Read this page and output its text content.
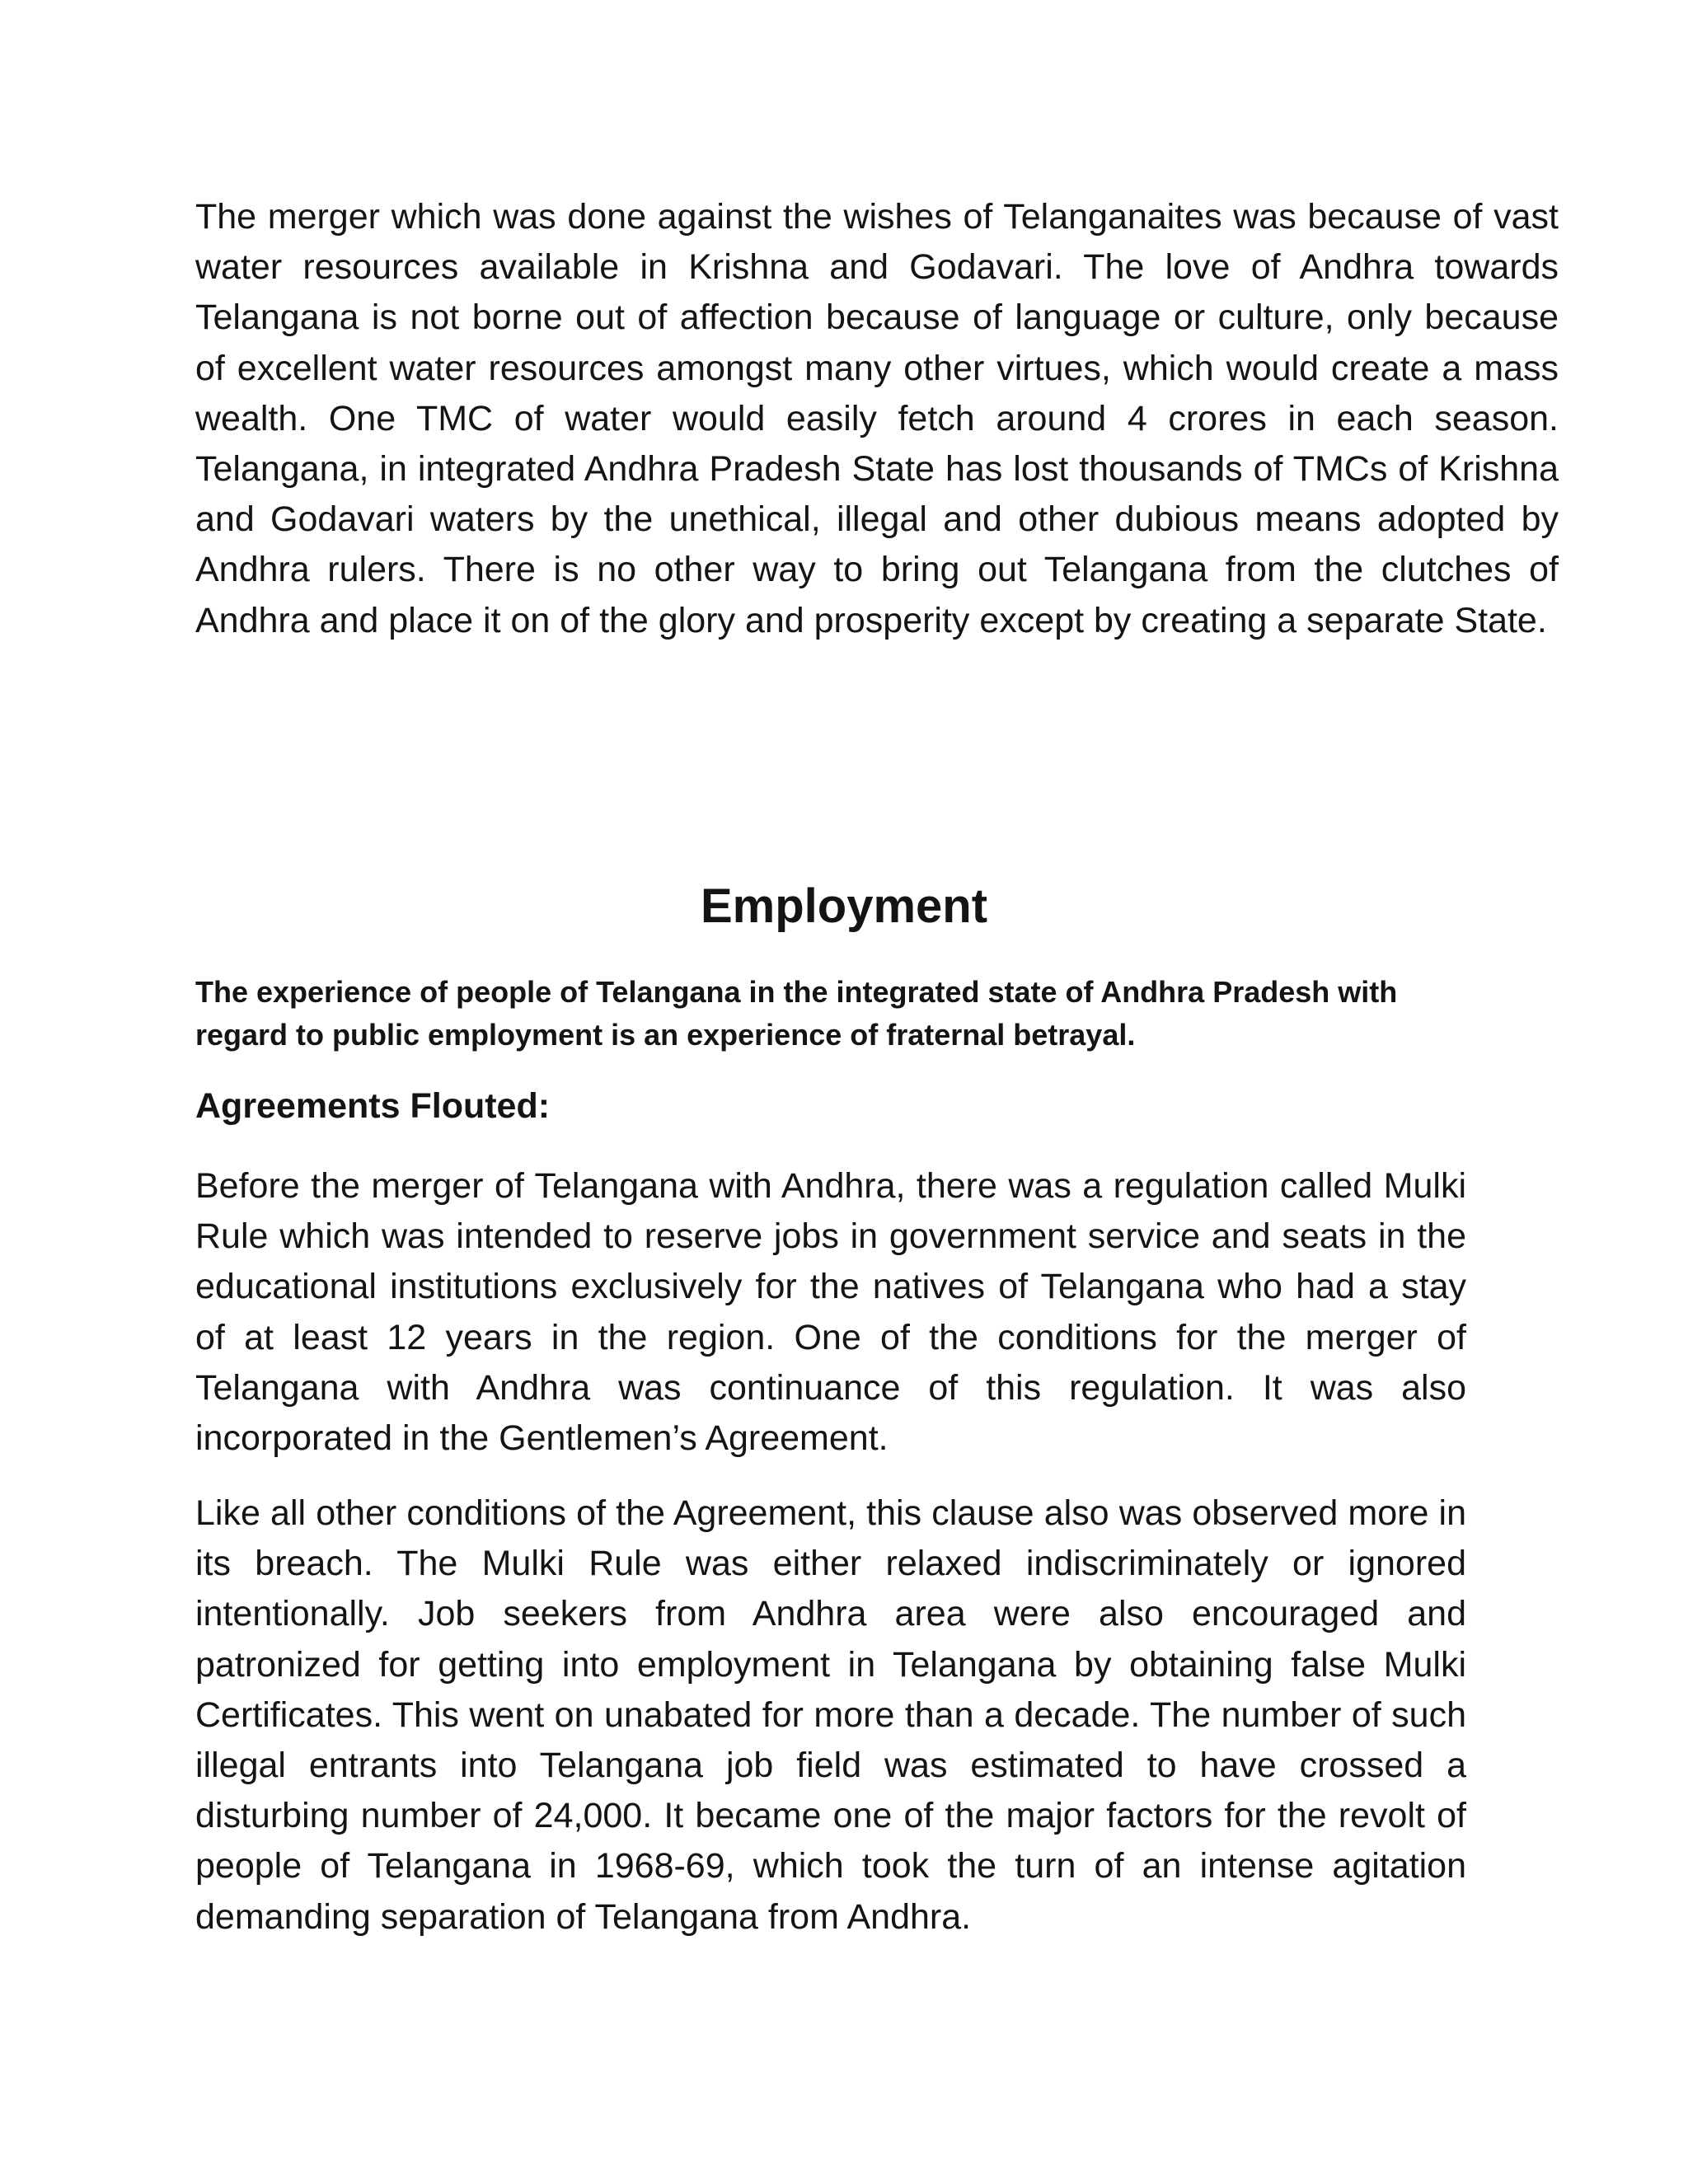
The merger which was done against the wishes of Telanganaites was because of vast water resources available in Krishna and Godavari. The love of Andhra towards Telangana is not borne out of affection because of language or culture, only because of excellent water resources amongst many other virtues, which would create a mass wealth. One TMC of water would easily fetch around 4 crores in each season. Telangana, in integrated Andhra Pradesh State has lost thousands of TMCs of Krishna and Godavari waters by the unethical, illegal and other dubious means adopted by Andhra rulers. There is no other way to bring out Telangana from the clutches of Andhra and place it on of the glory and prosperity except by creating a separate State.

Employment

The experience of people of Telangana in the integrated state of Andhra Pradesh with regard to public employment is an experience of fraternal betrayal.

Agreements Flouted:

Before the merger of Telangana with Andhra, there was a regulation called Mulki Rule which was intended to reserve jobs in government service and seats in the educational institutions exclusively for the natives of Telangana who had a stay of at least 12 years in the region. One of the conditions for the merger of Telangana with Andhra was continuance of this regulation. It was also incorporated in the Gentlemen’s Agreement.

Like all other conditions of the Agreement, this clause also was observed more in its breach. The Mulki Rule was either relaxed indiscriminately or ignored intentionally. Job seekers from Andhra area were also encouraged and patronized for getting into employment in Telangana by obtaining false Mulki Certificates. This went on unabated for more than a decade. The number of such illegal entrants into Telangana job field was estimated to have crossed a disturbing number of 24,000. It became one of the major factors for the revolt of people of Telangana in 1968-69, which took the turn of an intense agitation demanding separation of Telangana from Andhra.
